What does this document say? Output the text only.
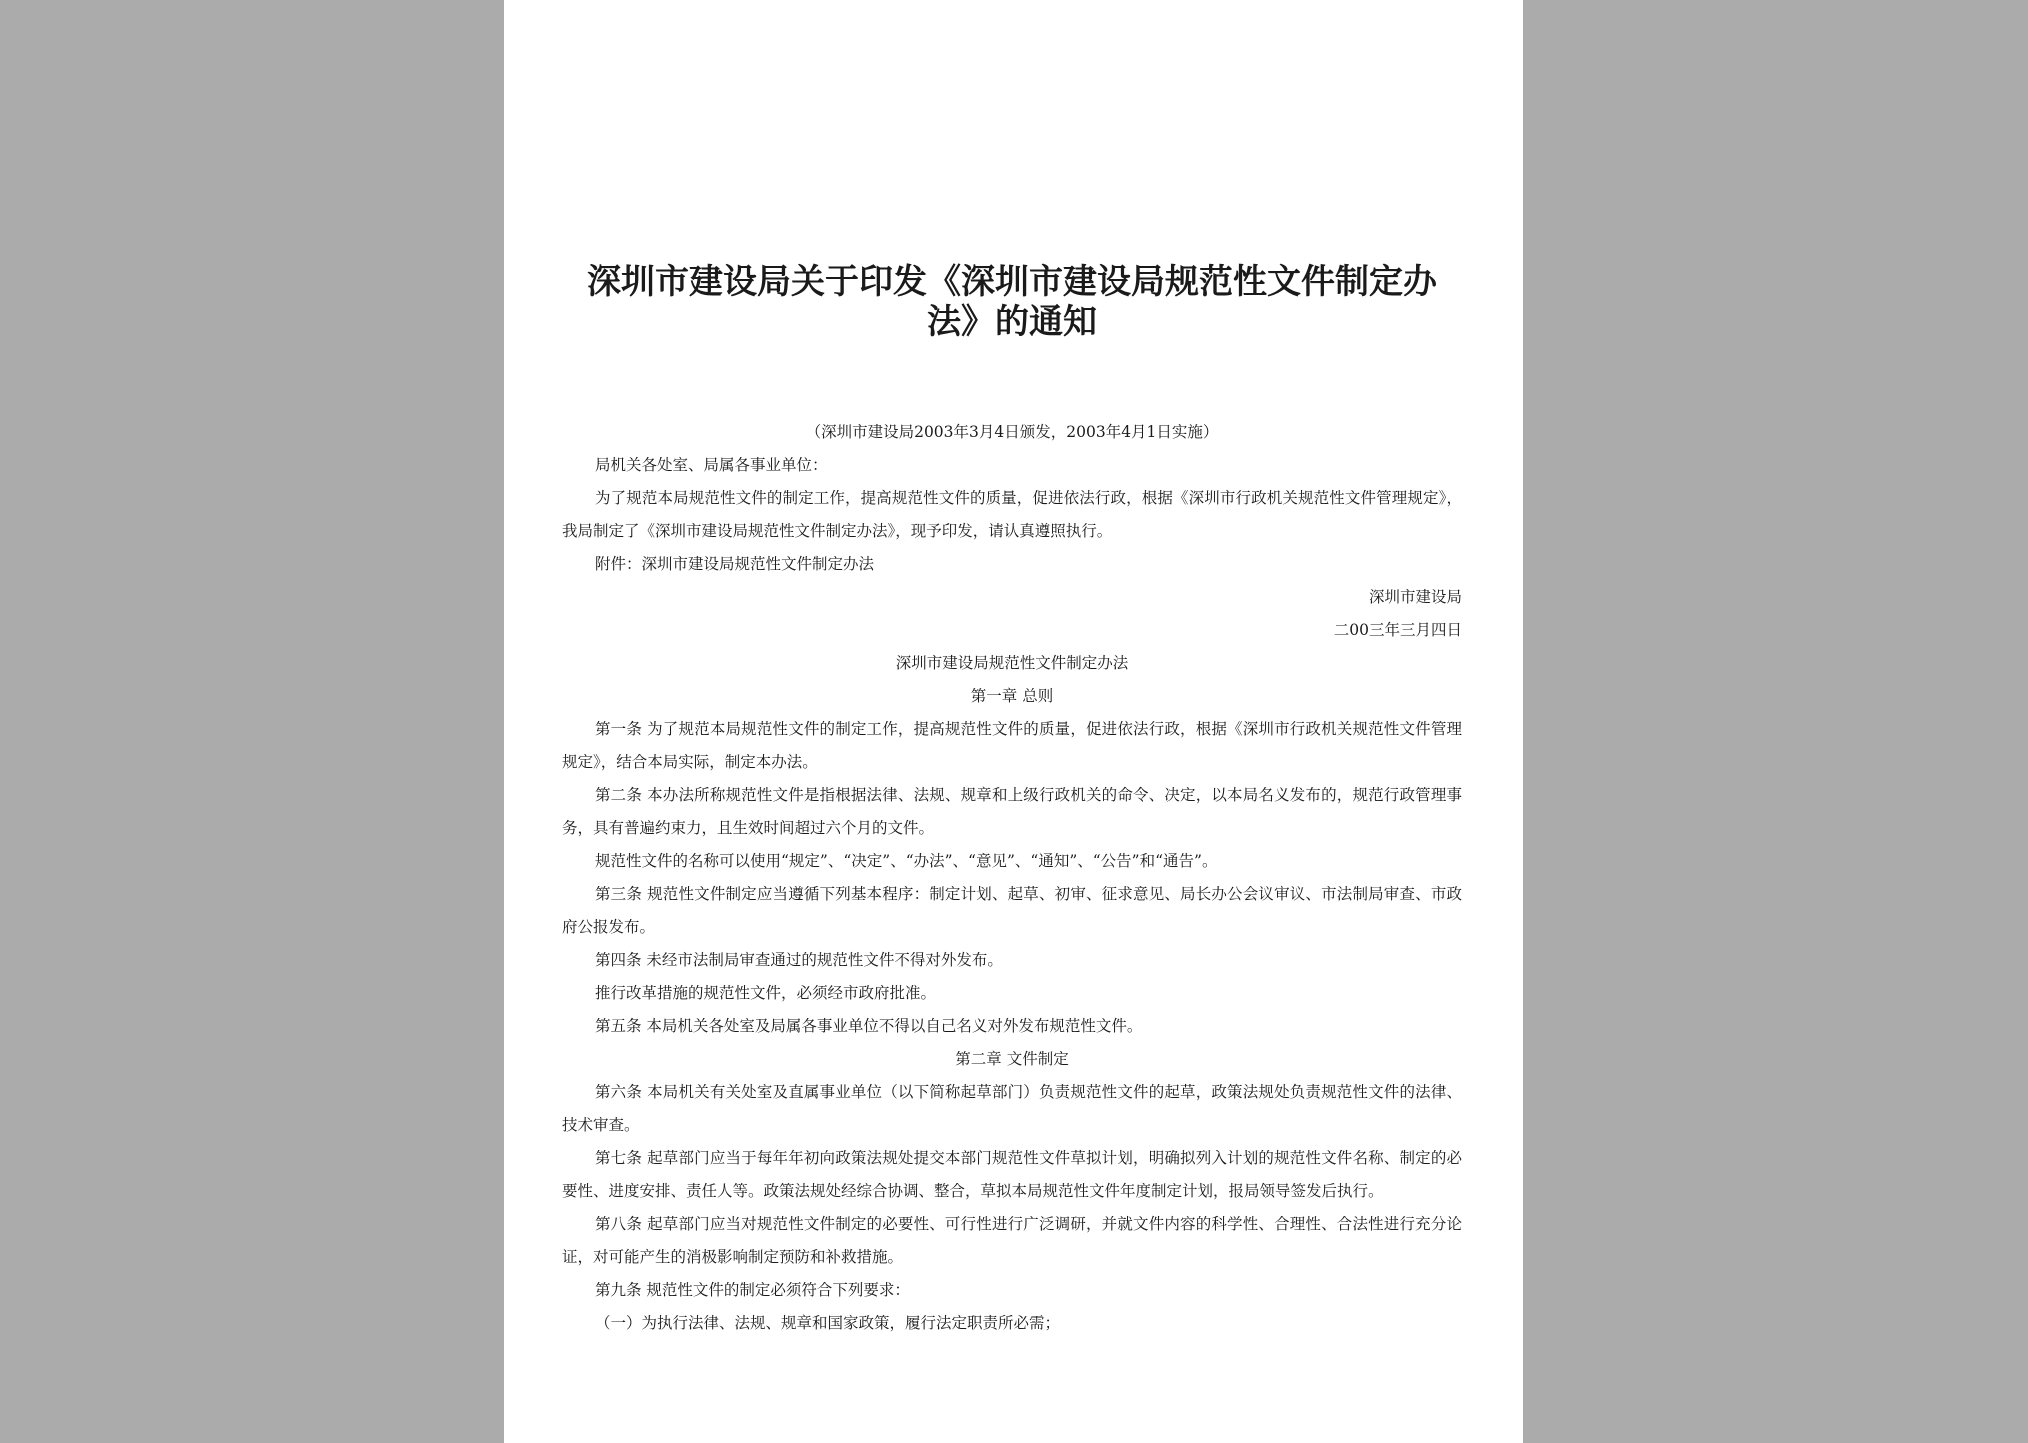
深圳市建设局关于印发《深圳市建设局规范性文件制定办法》的通知
（深圳市建设局2003年3月4日颁发，2003年4月1日实施）
局机关各处室、局属各事业单位：
为了规范本局规范性文件的制定工作，提高规范性文件的质量，促进依法行政，根据《深圳市行政机关规范性文件管理规定》，我局制定了《深圳市建设局规范性文件制定办法》，现予印发，请认真遵照执行。
附件：深圳市建设局规范性文件制定办法
深圳市建设局
二00三年三月四日
深圳市建设局规范性文件制定办法
第一章 总则
第一条 为了规范本局规范性文件的制定工作，提高规范性文件的质量，促进依法行政，根据《深圳市行政机关规范性文件管理规定》，结合本局实际，制定本办法。
第二条 本办法所称规范性文件是指根据法律、法规、规章和上级行政机关的命令、决定，以本局名义发布的，规范行政管理事务，具有普遍约束力，且生效时间超过六个月的文件。
规范性文件的名称可以使用“规定”、“决定”、“办法”、“意见”、“通知”、“公告”和“通告”。
第三条 规范性文件制定应当遵循下列基本程序：制定计划、起草、初审、征求意见、局长办公会议审议、市法制局审查、市政府公报发布。
第四条 未经市法制局审查通过的规范性文件不得对外发布。
推行改革措施的规范性文件，必须经市政府批准。
第五条 本局机关各处室及局属各事业单位不得以自己名义对外发布规范性文件。
第二章 文件制定
第六条 本局机关有关处室及直属事业单位（以下简称起草部门）负责规范性文件的起草，政策法规处负责规范性文件的法律、技术审查。
第七条 起草部门应当于每年年初向政策法规处提交本部门规范性文件草拟计划，明确拟列入计划的规范性文件名称、制定的必要性、进度安排、责任人等。政策法规处经综合协调、整合，草拟本局规范性文件年度制定计划，报局领导签发后执行。
第八条 起草部门应当对规范性文件制定的必要性、可行性进行广泛调研，并就文件内容的科学性、合理性、合法性进行充分论证，对可能产生的消极影响制定预防和补救措施。
第九条 规范性文件的制定必须符合下列要求：
（一）为执行法律、法规、规章和国家政策，履行法定职责所必需；
